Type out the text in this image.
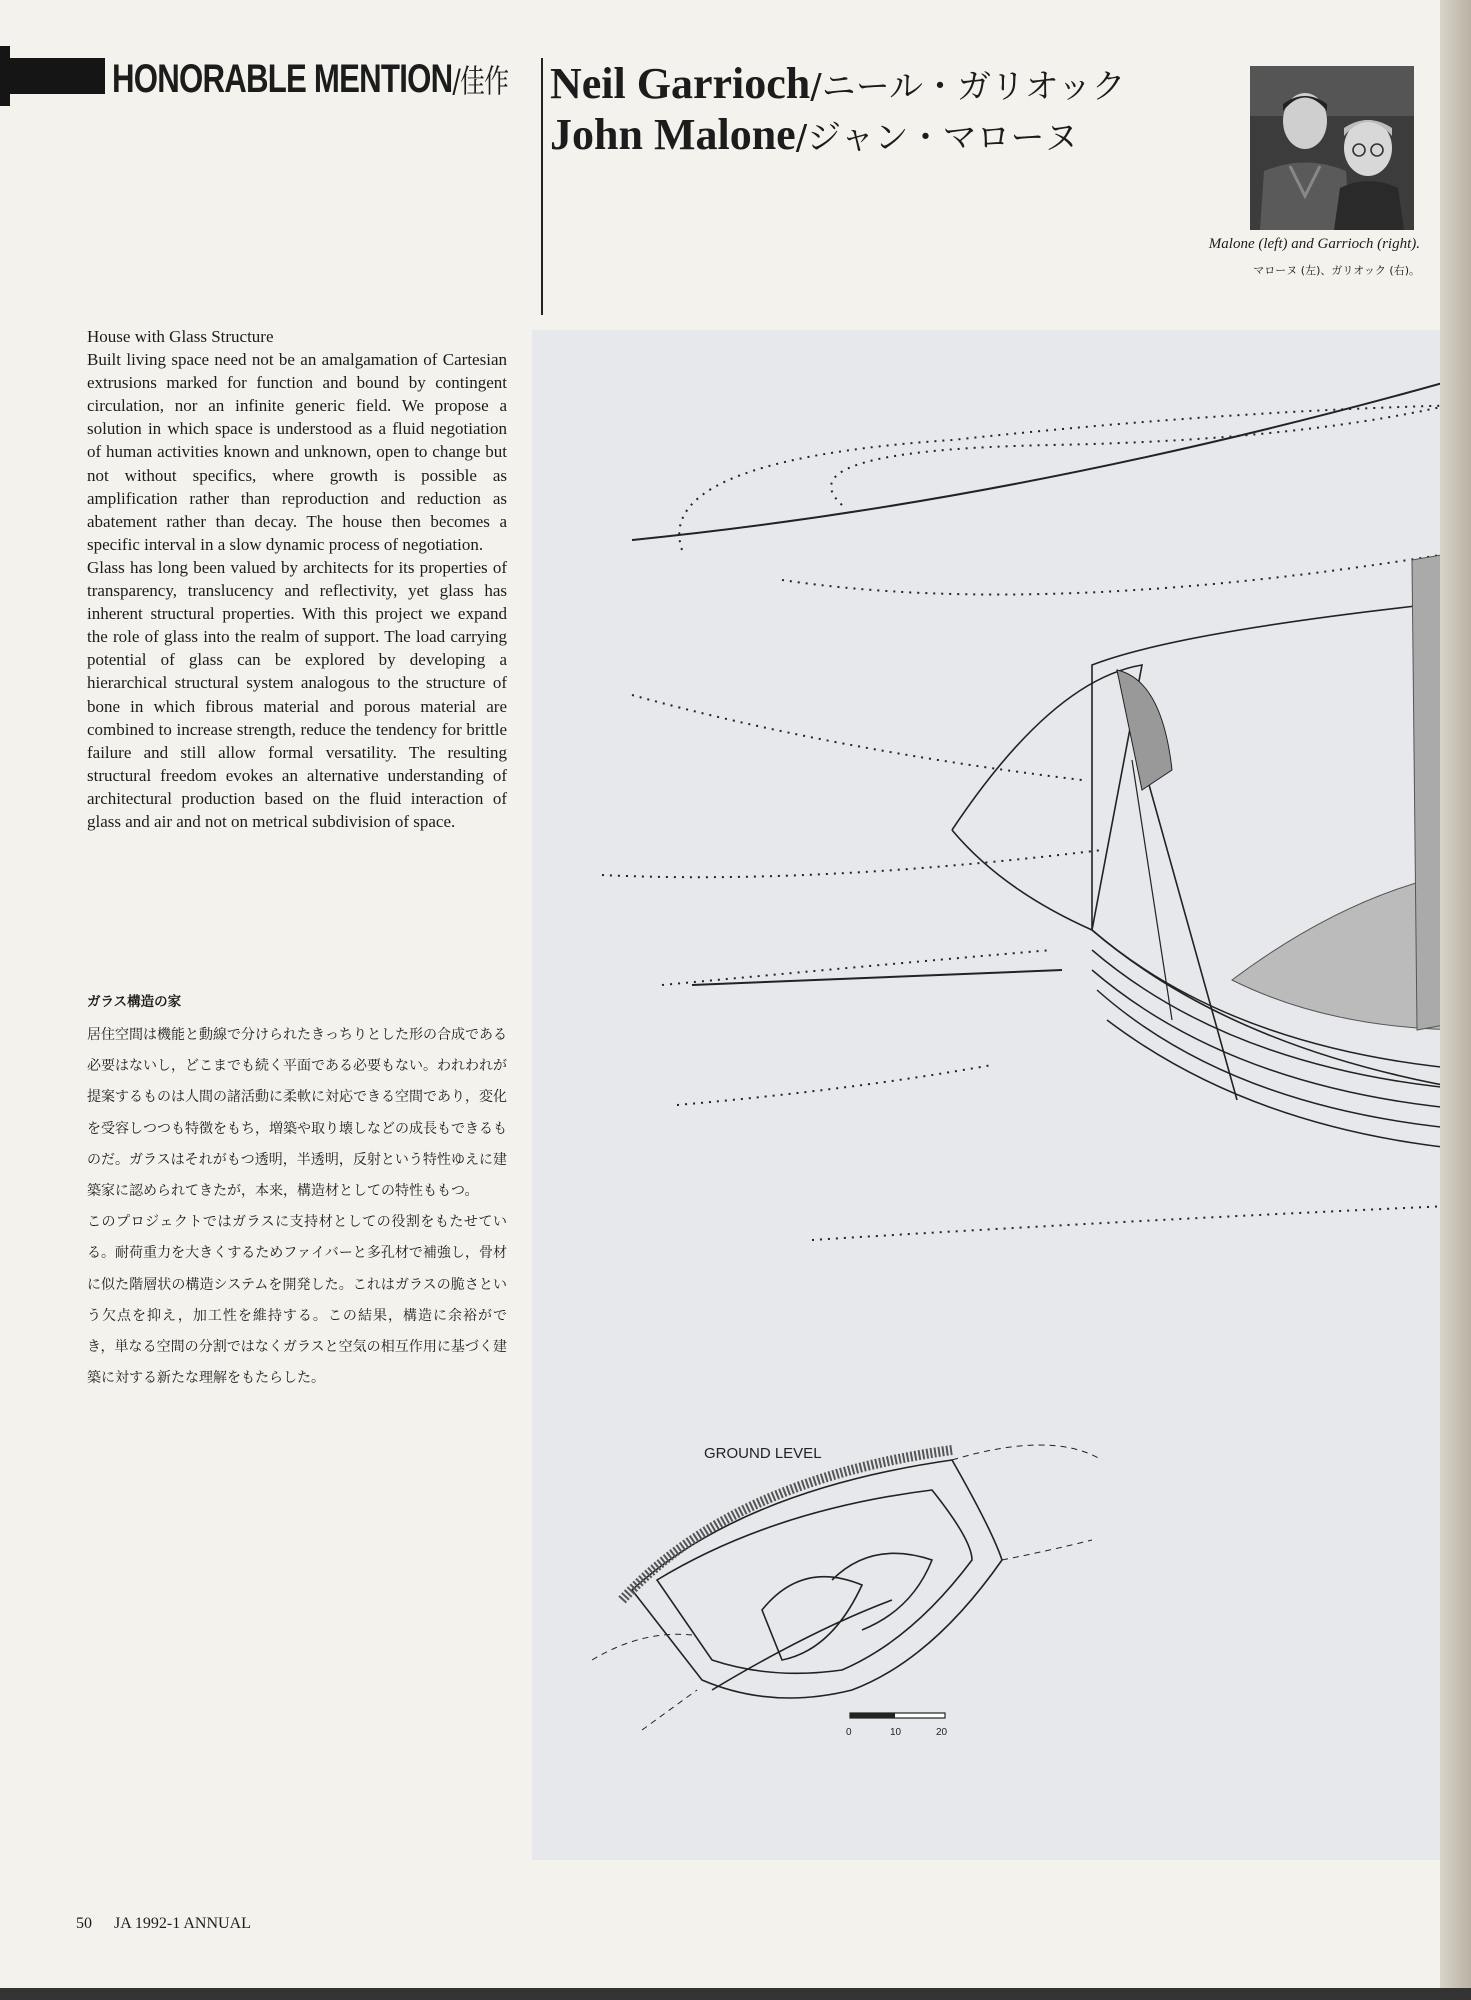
HONORABLE MENTION/佳作 Neil Garrioch/ニール・ガリオック
John Malone/ジャン・マローヌ
Malone (left) and Garrioch (right).
マローヌ (左)、ガリオック (右)。

House with Glass Structure

Built living space need not be an amalgamation of Cartesian extrusions marked for function and bound by contingent circulation, nor an infinite generic field. We propose a solution in which space is understood as a fluid negotiation of human activities known and unknown, open to change but not without specifics, where growth is possible as amplification rather than reproduction and reduction as abatement rather than decay. The house then becomes a specific interval in a slow dynamic process of negotiation.

Glass has long been valued by architects for its properties of transparency, translucency and reflectivity, yet glass has inherent structural properties. With this project we expand the role of glass into the realm of support. The load carrying potential of glass can be explored by developing a hierarchical structural system analogous to the structure of bone in which fibrous material and porous material are combined to increase strength, reduce the tendency for brittle failure and still allow formal versatility. The resulting structural freedom evokes an alternative understanding of architectural production based on the fluid interaction of glass and air and not on metrical subdivision of space.

ガラス構造の家

居住空間は機能と動線で分けられたきっちりとした形の合成である必要はないし，どこまでも続く平面である必要もない。われわれが提案するものは人間の諸活動に柔軟に対応できる空間であり，変化を受容しつつも特徴をもち，増築や取り壊しなどの成長もできるものだ。ガラスはそれがもつ透明，半透明，反射という特性ゆえに建築家に認められてきたが，本来，構造材としての特性ももつ。

このプロジェクトではガラスに支持材としての役割をもたせている。耐荷重力を大きくするためファイバーと多孔材で補強し，骨材に似た階層状の構造システムを開発した。これはガラスの脆さという欠点を抑え，加工性を維持する。この結果，構造に余裕ができ，単なる空間の分割ではなくガラスと空気の相互作用に基づく建築に対する新たな理解をもたらした。

GROUND LEVEL
0	10	20
50 JA 1992-1 ANNUAL
